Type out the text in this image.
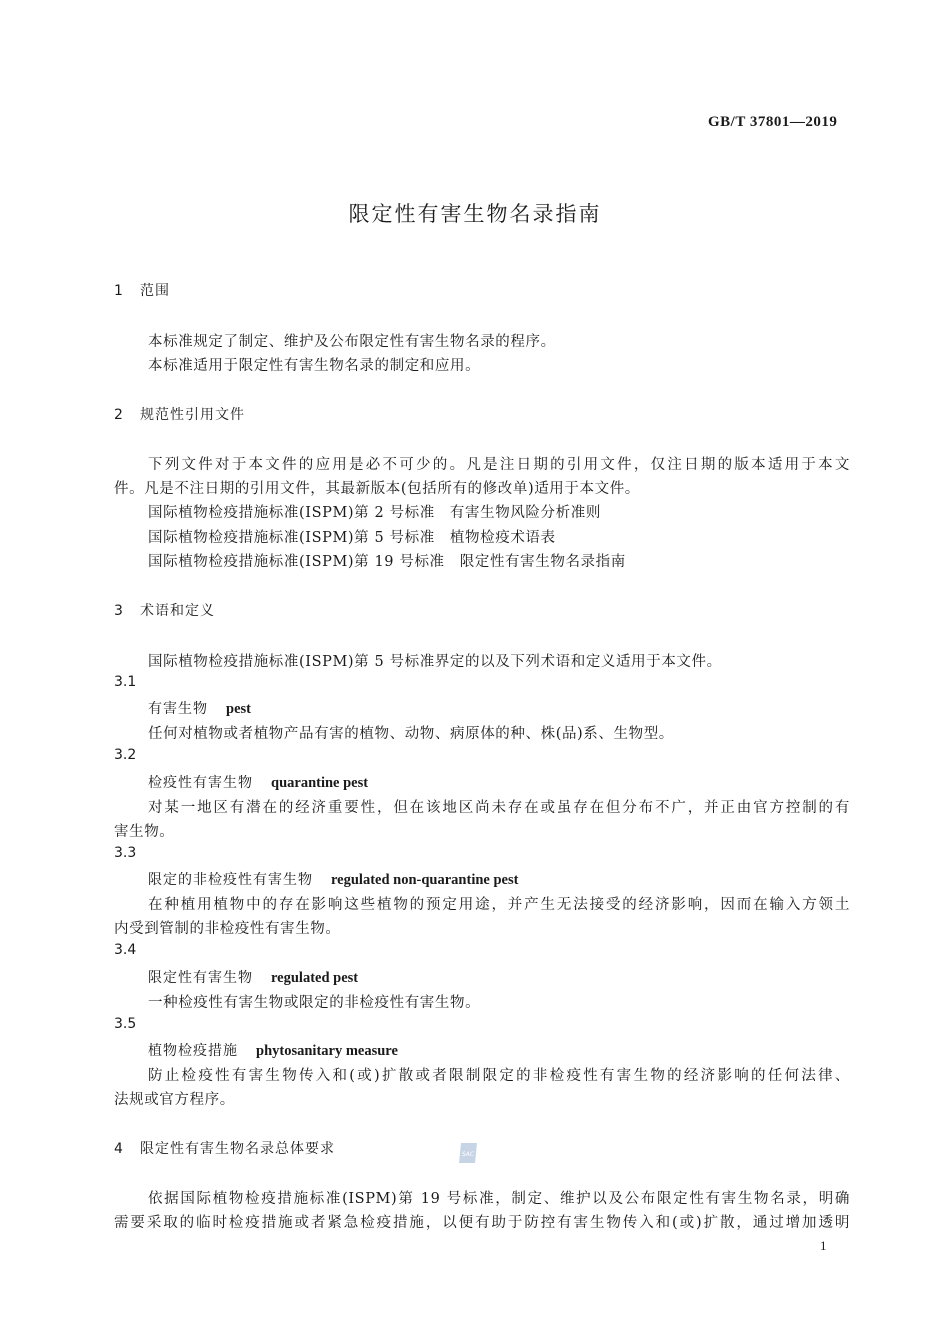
GB/T 37801—2019
限定性有害生物名录指南
1 范围
本标准规定了制定、维护及公布限定性有害生物名录的程序。
本标准适用于限定性有害生物名录的制定和应用。
2 规范性引用文件
下列文件对于本文件的应用是必不可少的。凡是注日期的引用文件，仅注日期的版本适用于本文
件。凡是不注日期的引用文件，其最新版本(包括所有的修改单)适用于本文件。
国际植物检疫措施标准(ISPM)第 2 号标准　有害生物风险分析准则
国际植物检疫措施标准(ISPM)第 5 号标准　植物检疫术语表
国际植物检疫措施标准(ISPM)第 19 号标准　限定性有害生物名录指南
3 术语和定义
国际植物检疫措施标准(ISPM)第 5 号标准界定的以及下列术语和定义适用于本文件。
3.1
有害生物 pest
任何对植物或者植物产品有害的植物、动物、病原体的种、株(品)系、生物型。
3.2
检疫性有害生物 quarantine pest
对某一地区有潜在的经济重要性，但在该地区尚未存在或虽存在但分布不广，并正由官方控制的有
害生物。
3.3
限定的非检疫性有害生物 regulated non-quarantine pest
在种植用植物中的存在影响这些植物的预定用途，并产生无法接受的经济影响，因而在输入方领土
内受到管制的非检疫性有害生物。
3.4
限定性有害生物 regulated pest
一种检疫性有害生物或限定的非检疫性有害生物。
3.5
植物检疫措施 phytosanitary measure
防止检疫性有害生物传入和(或)扩散或者限制限定的非检疫性有害生物的经济影响的任何法律、
法规或官方程序。
4 限定性有害生物名录总体要求	SAC
依据国际植物检疫措施标准(ISPM)第 19 号标准，制定、维护以及公布限定性有害生物名录，明确
需要采取的临时检疫措施或者紧急检疫措施，以便有助于防控有害生物传入和(或)扩散，通过增加透明
1
